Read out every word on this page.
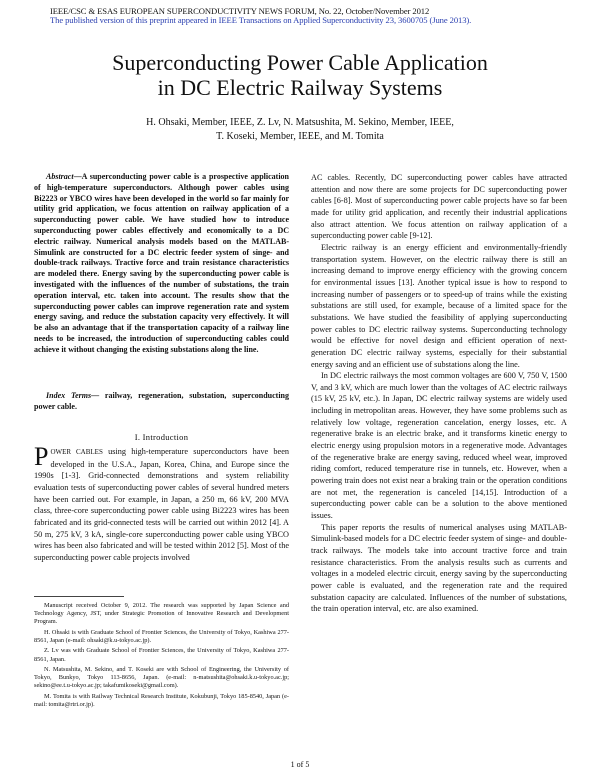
IEEE/CSC & ESAS EUROPEAN SUPERCONDUCTIVITY NEWS FORUM, No. 22, October/November 2012
The published version of this preprint appeared in IEEE Transactions on Applied Superconductivity 23, 3600705 (June 2013).
Superconducting Power Cable Application
in DC Electric Railway Systems
H. Ohsaki, Member, IEEE, Z. Lv, N. Matsushita, M. Sekino, Member, IEEE,
T. Koseki, Member, IEEE, and M. Tomita

Abstract—A superconducting power cable is a prospective application of high-temperature superconductors. Although power cables using Bi2223 or YBCO wires have been developed in the world so far mainly for utility grid application, we focus attention on railway application of a superconducting power cable. We have studied how to introduce superconducting power cables effectively and economically to a DC electric railway. Numerical analysis models based on the MATLAB-Simulink are constructed for a DC electric feeder system of singe- and double-track railways. Tractive force and train resistance characteristics are modeled there. Energy saving by the superconducting power cable is investigated with the influences of the number of substations, the train operation interval, etc. taken into account. The results show that the superconducting power cables can improve regeneration rate and system energy saving, and reduce the substation capacity very effectively. It will be also an advantage that if the transportation capacity of a railway line needs to be increased, the introduction of superconducting cables could achieve it without changing the existing substations along the line.

Index Terms— railway, regeneration, substation, superconducting power cable.

I. Introduction
POWER CABLES using high-temperature superconductors have been developed in the U.S.A., Japan, Korea, China, and Europe since the 1990s [1-3]. Grid-connected demonstrations and system reliability evaluation tests of superconducting power cables of several hundred meters have been carried out. For example, in Japan, a 250 m, 66 kV, 200 MVA class, three-core superconducting power cable using Bi2223 wires has been fabricated and its grid-connected tests will be carried out within 2012 [4]. A 50 m, 275 kV, 3 kA, single-core superconducting power cable using YBCO wires has been also fabricated and will be tested within 2012 [5]. Most of the superconducting power cable projects involved

Manuscript received October 9, 2012. The research was supported by Japan Science and Technology Agency, JST, under Strategic Promotion of Innovative Research and Development Program.

H. Ohsaki is with Graduate School of Frontier Sciences, the University of Tokyo, Kashiwa 277-8561, Japan (e-mail: ohsaki@k.u-tokyo.ac.jp).

Z. Lv was with Graduate School of Frontier Sciences, the University of Tokyo, Kashiwa 277-8561, Japan.

N. Matsushita, M. Sekino, and T. Koseki are with School of Engineering, the University of Tokyo, Bunkyo, Tokyo 113-8656, Japan. (e-mail: n-matsushita@ohsaki.k.u-tokyo.ac.jp; sekino@ee.t.u-tokyo.ac.jp; takafumikoseki@gmail.com).

M. Tomita is with Railway Technical Research Institute, Kokubunji, Tokyo 185-8540, Japan (e-mail: tomita@rtri.or.jp).

AC cables. Recently, DC superconducting power cables have attracted attention and now there are some projects for DC superconducting power cables [6-8]. Most of superconducting power cable projects have so far been made for utility grid application, and recently their industrial applications also attract attention. We focus attention on railway application of a superconducting power cable [9-12].

Electric railway is an energy efficient and environmentally-friendly transportation system. However, on the electric railway there is still an increasing demand to improve energy efficiency with the growing concern for environmental issues [13]. Another typical issue is how to respond to increasing number of passengers or to speed-up of trains while the existing substations are still used, for example, because of a limited space for the substations. We have studied the feasibility of applying superconducting power cables to DC electric railway systems. Superconducting technology would be effective for novel design and efficient operation of next-generation DC electric railway systems, especially for their substantial energy saving and an efficient use of substations along the line.

In DC electric railways the most common voltages are 600 V, 750 V, 1500 V, and 3 kV, which are much lower than the voltages of AC electric railways (15 kV, 25 kV, etc.). In Japan, DC electric railway systems are widely used including in metropolitan areas. However, they have some problems such as relatively low voltage, regeneration cancelation, energy losses, etc. A regenerative brake is an electric brake, and it transforms kinetic energy to electric energy using propulsion motors in a regenerative mode. Advantages of the regenerative brake are energy saving, reduced wheel wear, improved riding comfort, reduced temperature rise in tunnels, etc. However, when a powering train does not exist near a braking train or the operation conditions are not met, the regeneration is canceled [14,15]. Introduction of a superconducting power cable can be a solution to the above mentioned issues.

This paper reports the results of numerical analyses using MATLAB-Simulink-based models for a DC electric feeder system of singe- and double-track railways. The models take into account tractive force and train resistance characteristics. From the analysis results such as currents and voltages in a modeled electric circuit, energy saving by the superconducting power cable is evaluated, and the regeneration rate and the required substation capacity are calculated. Influences of the number of substations, the train operation interval, etc. are also examined.

1 of 5
